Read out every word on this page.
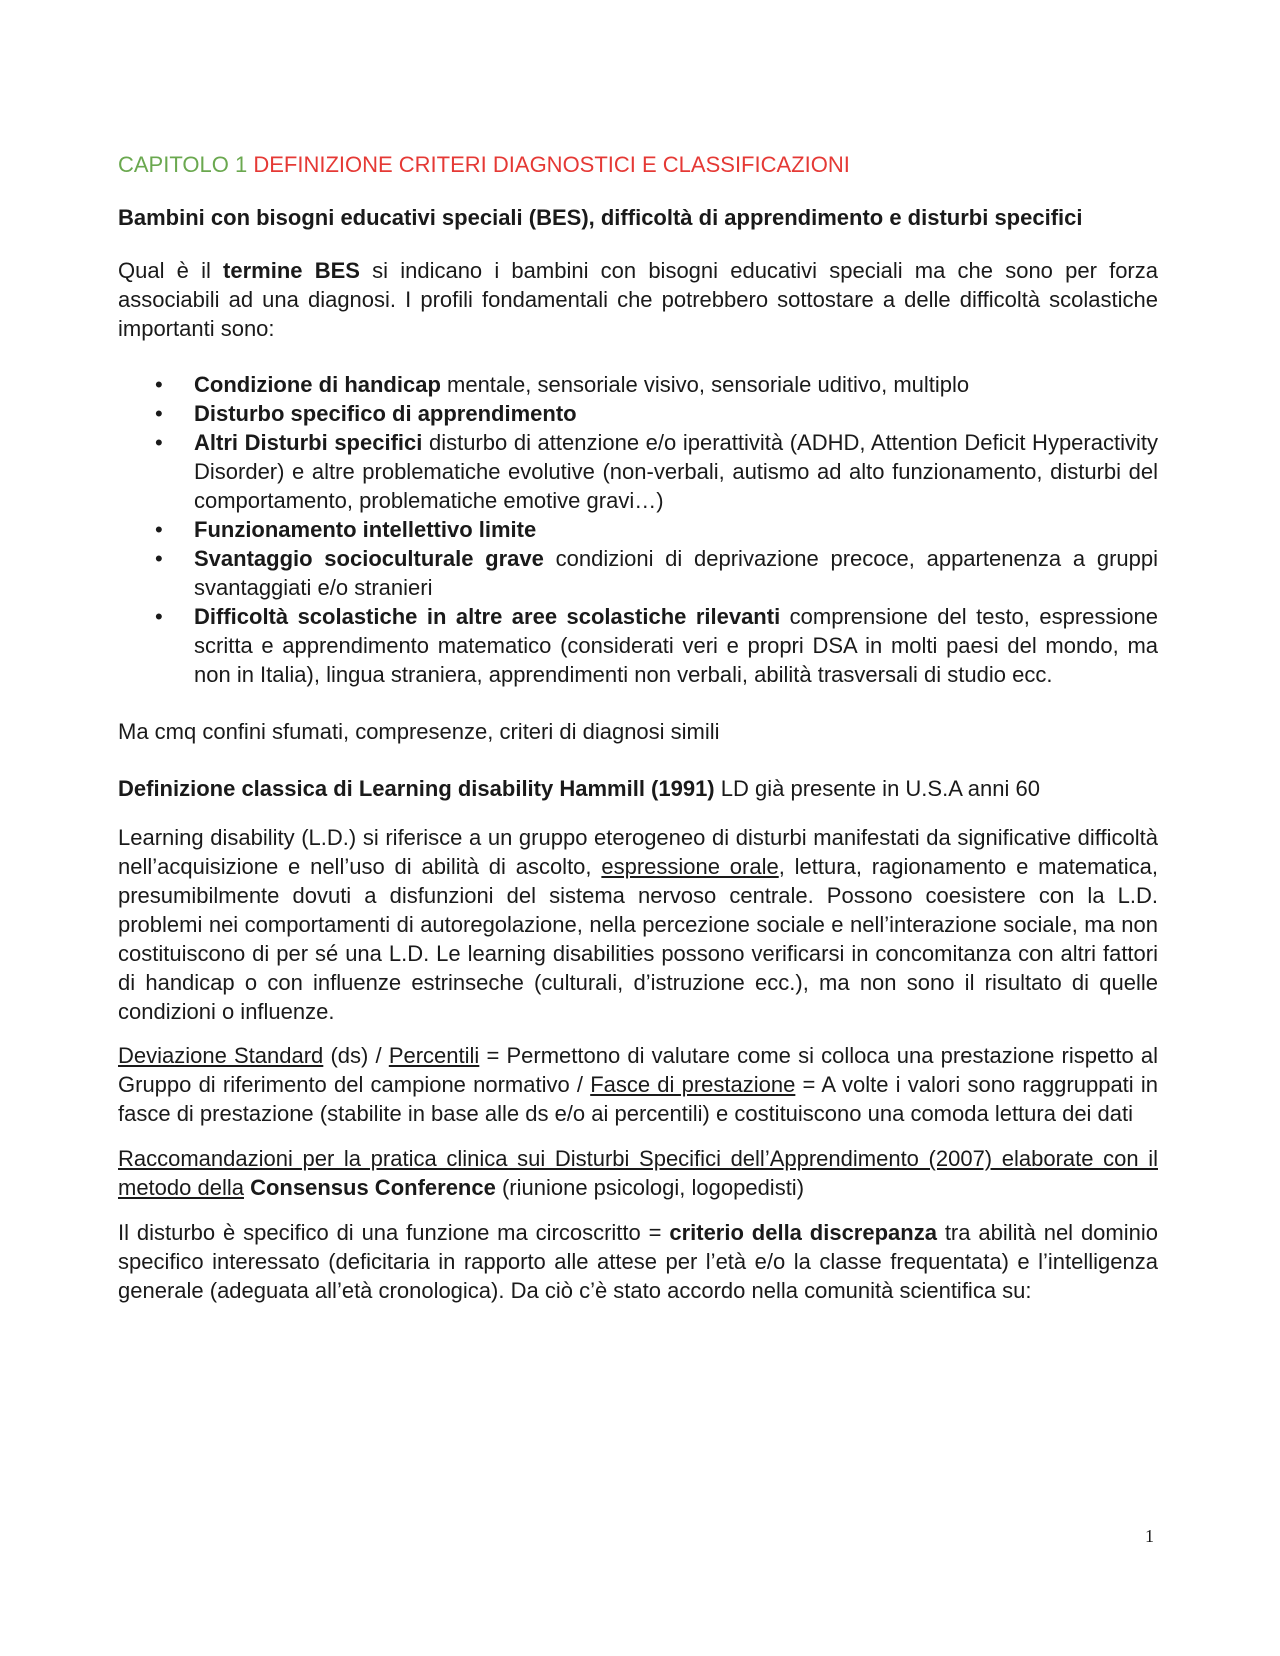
CAPITOLO 1 DEFINIZIONE CRITERI DIAGNOSTICI E CLASSIFICAZIONI
Bambini con bisogni educativi speciali (BES), difficoltà di apprendimento e disturbi specifici

Qual è il termine BES si indicano i bambini con bisogni educativi speciali ma che sono per forza associabili ad una diagnosi. I profili fondamentali che potrebbero sottostare a delle difficoltà scolastiche importanti sono:

• Condizione di handicap mentale, sensoriale visivo, sensoriale uditivo, multiplo
• Disturbo specifico di apprendimento
• Altri Disturbi specifici disturbo di attenzione e/o iperattività (ADHD, Attention Deficit Hyperactivity Disorder) e altre problematiche evolutive (non-verbali, autismo ad alto funzionamento, disturbi del comportamento, problematiche emotive gravi…)
• Funzionamento intellettivo limite
• Svantaggio socioculturale grave condizioni di deprivazione precoce, appartenenza a gruppi svantaggiati e/o stranieri
• Difficoltà scolastiche in altre aree scolastiche rilevanti comprensione del testo, espressione scritta e apprendimento matematico (considerati veri e propri DSA in molti paesi del mondo, ma non in Italia), lingua straniera, apprendimenti non verbali, abilità trasversali di studio ecc.

Ma cmq confini sfumati, compresenze, criteri di diagnosi simili

Definizione classica di Learning disability Hammill (1991) LD già presente in U.S.A anni 60

Learning disability (L.D.) si riferisce a un gruppo eterogeneo di disturbi manifestati da significative difficoltà nell’acquisizione e nell’uso di abilità di ascolto, espressione orale, lettura, ragionamento e matematica, presumibilmente dovuti a disfunzioni del sistema nervoso centrale. Possono coesistere con la L.D. problemi nei comportamenti di autoregolazione, nella percezione sociale e nell’interazione sociale, ma non costituiscono di per sé una L.D. Le learning disabilities possono verificarsi in concomitanza con altri fattori di handicap o con influenze estrinseche (culturali, d’istruzione ecc.), ma non sono il risultato di quelle condizioni o influenze.

Deviazione Standard (ds) / Percentili = Permettono di valutare come si colloca una prestazione rispetto al Gruppo di riferimento del campione normativo / Fasce di prestazione = A volte i valori sono raggruppati in fasce di prestazione (stabilite in base alle ds e/o ai percentili) e costituiscono una comoda lettura dei dati

Raccomandazioni per la pratica clinica sui Disturbi Specifici dell’Apprendimento (2007) elaborate con il metodo della Consensus Conference (riunione psicologi, logopedisti)

Il disturbo è specifico di una funzione ma circoscritto = criterio della discrepanza tra abilità nel dominio specifico interessato (deficitaria in rapporto alle attese per l’età e/o la classe frequentata) e l’intelligenza generale (adeguata all’età cronologica). Da ciò c’è stato accordo nella comunità scientifica su:

1
